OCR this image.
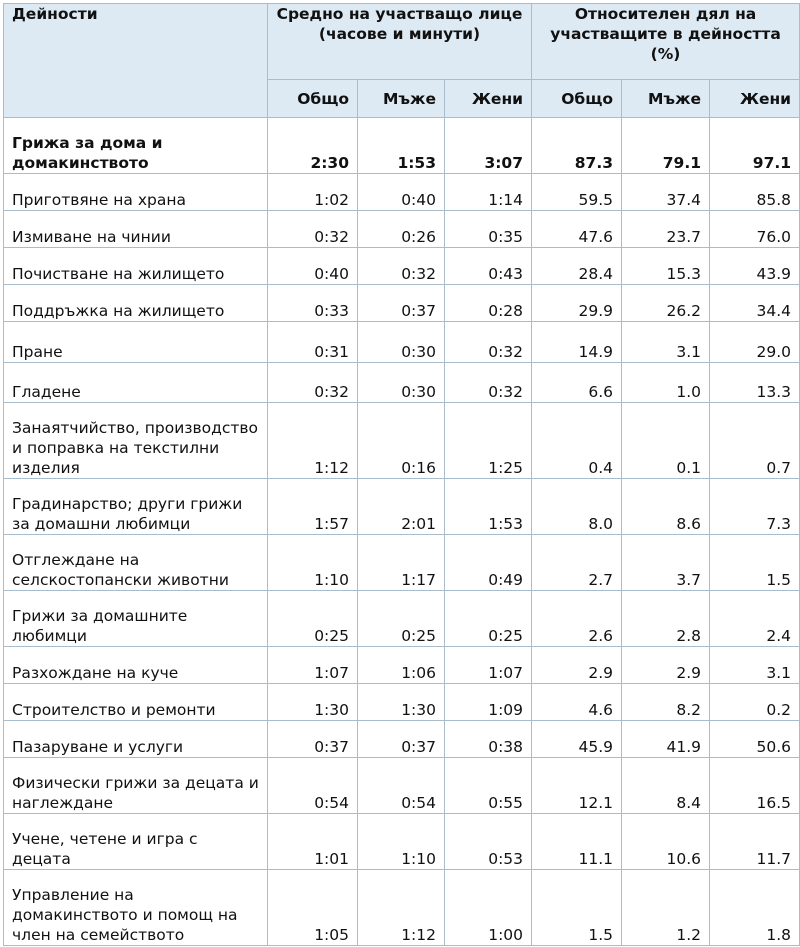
Дейности	Средно на участващо лице (часове и минути)			Относителен дял на участващите в дейността (%)		
	Общо	Мъже	Жени	Общо	Мъже	Жени
Грижа за дома и домакинството	2:30	1:53	3:07	87.3	79.1	97.1
Приготвяне на храна	1:02	0:40	1:14	59.5	37.4	85.8
Измиване на чинии	0:32	0:26	0:35	47.6	23.7	76.0
Почистване на жилището	0:40	0:32	0:43	28.4	15.3	43.9
Поддръжка на жилището	0:33	0:37	0:28	29.9	26.2	34.4
Пране	0:31	0:30	0:32	14.9	3.1	29.0
Гладене	0:32	0:30	0:32	6.6	1.0	13.3
Занаятчийство, производство и поправка на текстилни изделия	1:12	0:16	1:25	0.4	0.1	0.7
Градинарство; други грижи за домашни любимци	1:57	2:01	1:53	8.0	8.6	7.3
Отглеждане на селскостопански животни	1:10	1:17	0:49	2.7	3.7	1.5
Грижи за домашните любимци	0:25	0:25	0:25	2.6	2.8	2.4
Разхождане на куче	1:07	1:06	1:07	2.9	2.9	3.1
Строителство и ремонти	1:30	1:30	1:09	4.6	8.2	0.2
Пазаруване и услуги	0:37	0:37	0:38	45.9	41.9	50.6
Физически грижи за децата и наглеждане	0:54	0:54	0:55	12.1	8.4	16.5
Учене, четене и игра с децата	1:01	1:10	0:53	11.1	10.6	11.7
Управление на домакинството и помощ на член на семейството	1:05	1:12	1:00	1.5	1.2	1.8
